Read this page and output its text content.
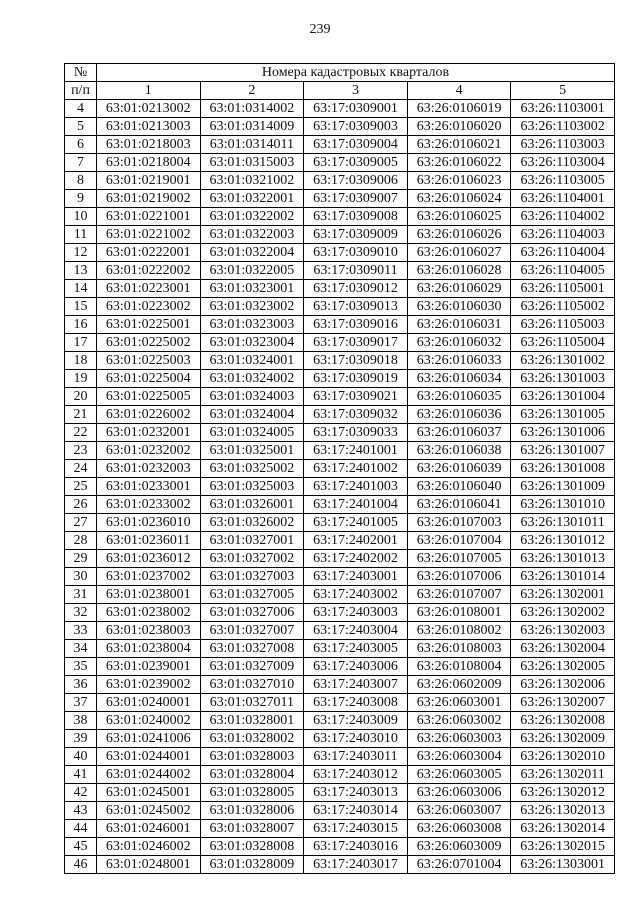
239
№	Номера кадастровых кварталов				
п/п	1	2	3	4	5
4	63:01:0213002	63:01:0314002	63:17:0309001	63:26:0106019	63:26:1103001
5	63:01:0213003	63:01:0314009	63:17:0309003	63:26:0106020	63:26:1103002
6	63:01:0218003	63:01:0314011	63:17:0309004	63:26:0106021	63:26:1103003
7	63:01:0218004	63:01:0315003	63:17:0309005	63:26:0106022	63:26:1103004
8	63:01:0219001	63:01:0321002	63:17:0309006	63:26:0106023	63:26:1103005
9	63:01:0219002	63:01:0322001	63:17:0309007	63:26:0106024	63:26:1104001
10	63:01:0221001	63:01:0322002	63:17:0309008	63:26:0106025	63:26:1104002
11	63:01:0221002	63:01:0322003	63:17:0309009	63:26:0106026	63:26:1104003
12	63:01:0222001	63:01:0322004	63:17:0309010	63:26:0106027	63:26:1104004
13	63:01:0222002	63:01:0322005	63:17:0309011	63:26:0106028	63:26:1104005
14	63:01:0223001	63:01:0323001	63:17:0309012	63:26:0106029	63:26:1105001
15	63:01:0223002	63:01:0323002	63:17:0309013	63:26:0106030	63:26:1105002
16	63:01:0225001	63:01:0323003	63:17:0309016	63:26:0106031	63:26:1105003
17	63:01:0225002	63:01:0323004	63:17:0309017	63:26:0106032	63:26:1105004
18	63:01:0225003	63:01:0324001	63:17:0309018	63:26:0106033	63:26:1301002
19	63:01:0225004	63:01:0324002	63:17:0309019	63:26:0106034	63:26:1301003
20	63:01:0225005	63:01:0324003	63:17:0309021	63:26:0106035	63:26:1301004
21	63:01:0226002	63:01:0324004	63:17:0309032	63:26:0106036	63:26:1301005
22	63:01:0232001	63:01:0324005	63:17:0309033	63:26:0106037	63:26:1301006
23	63:01:0232002	63:01:0325001	63:17:2401001	63:26:0106038	63:26:1301007
24	63:01:0232003	63:01:0325002	63:17:2401002	63:26:0106039	63:26:1301008
25	63:01:0233001	63:01:0325003	63:17:2401003	63:26:0106040	63:26:1301009
26	63:01:0233002	63:01:0326001	63:17:2401004	63:26:0106041	63:26:1301010
27	63:01:0236010	63:01:0326002	63:17:2401005	63:26:0107003	63:26:1301011
28	63:01:0236011	63:01:0327001	63:17:2402001	63:26:0107004	63:26:1301012
29	63:01:0236012	63:01:0327002	63:17:2402002	63:26:0107005	63:26:1301013
30	63:01:0237002	63:01:0327003	63:17:2403001	63:26:0107006	63:26:1301014
31	63:01:0238001	63:01:0327005	63:17:2403002	63:26:0107007	63:26:1302001
32	63:01:0238002	63:01:0327006	63:17:2403003	63:26:0108001	63:26:1302002
33	63:01:0238003	63:01:0327007	63:17:2403004	63:26:0108002	63:26:1302003
34	63:01:0238004	63:01:0327008	63:17:2403005	63:26:0108003	63:26:1302004
35	63:01:0239001	63:01:0327009	63:17:2403006	63:26:0108004	63:26:1302005
36	63:01:0239002	63:01:0327010	63:17:2403007	63:26:0602009	63:26:1302006
37	63:01:0240001	63:01:0327011	63:17:2403008	63:26:0603001	63:26:1302007
38	63:01:0240002	63:01:0328001	63:17:2403009	63:26:0603002	63:26:1302008
39	63:01:0241006	63:01:0328002	63:17:2403010	63:26:0603003	63:26:1302009
40	63:01:0244001	63:01:0328003	63:17:2403011	63:26:0603004	63:26:1302010
41	63:01:0244002	63:01:0328004	63:17:2403012	63:26:0603005	63:26:1302011
42	63:01:0245001	63:01:0328005	63:17:2403013	63:26:0603006	63:26:1302012
43	63:01:0245002	63:01:0328006	63:17:2403014	63:26:0603007	63:26:1302013
44	63:01:0246001	63:01:0328007	63:17:2403015	63:26:0603008	63:26:1302014
45	63:01:0246002	63:01:0328008	63:17:2403016	63:26:0603009	63:26:1302015
46	63:01:0248001	63:01:0328009	63:17:2403017	63:26:0701004	63:26:1303001
